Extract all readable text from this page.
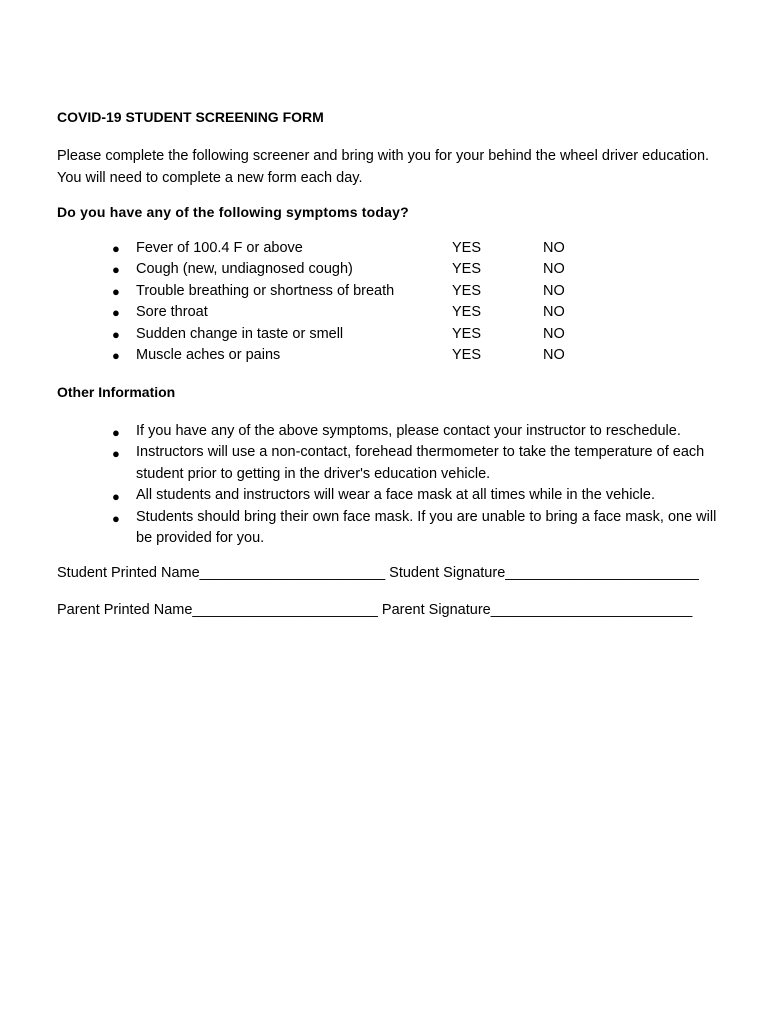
COVID-19 STUDENT SCREENING FORM
Please complete the following screener and bring with you for your behind the wheel driver education.
You will need to complete a new form each day.
Do you have any of the following symptoms today?
● Fever of 100.4 F or above	YES	NO
● Cough (new, undiagnosed cough)	YES	NO
● Trouble breathing or shortness of breath	YES	NO
● Sore throat	YES	NO
● Sudden change in taste or smell	YES	NO
● Muscle aches or pains	YES	NO
Other Information
● If you have any of the above symptoms, please contact your instructor to reschedule.
● Instructors will use a non-contact, forehead thermometer to take the temperature of each student prior to getting in the driver's education vehicle.
● All students and instructors will wear a face mask at all times while in the vehicle.
● Students should bring their own face mask. If you are unable to bring a face mask, one will be provided for you.
Student Printed Name_______________________ Student Signature________________________
Parent Printed Name_______________________ Parent Signature_________________________
